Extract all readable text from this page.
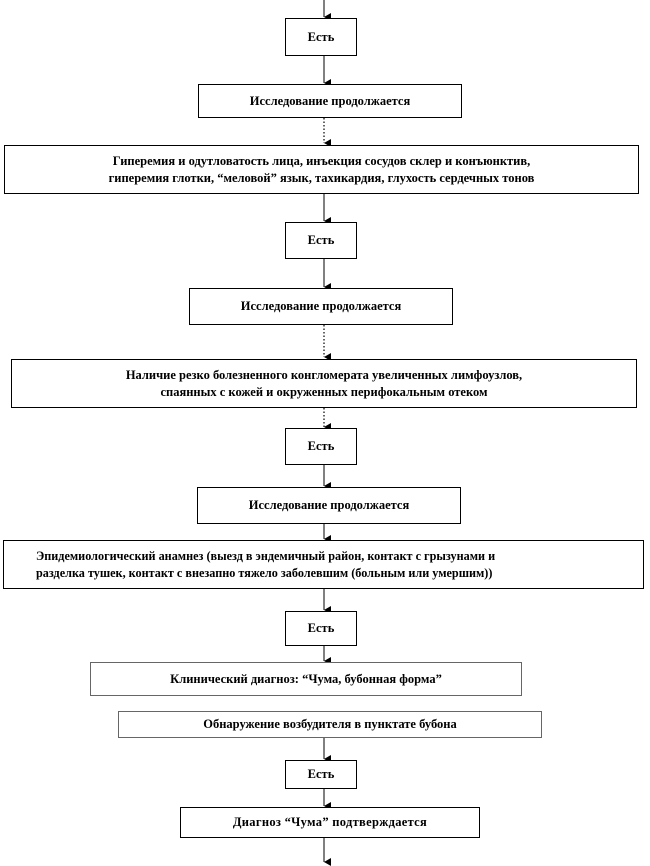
Есть
Исследование продолжается
Гиперемия и одутловатость лица, инъекция сосудов склер и конъюнктив,
гиперемия глотки, “меловой” язык, тахикардия, глухость сердечных тонов
Есть
Исследование продолжается
Наличие резко болезненного конгломерата увеличенных лимфоузлов,
спаянных с кожей и окруженных перифокальным отеком
Есть
Исследование продолжается
Эпидемиологический анамнез (выезд в эндемичный район, контакт с грызунами и
разделка тушек, контакт с внезапно тяжело заболевшим (больным или умершим))
Есть
Клинический диагноз: “Чума, бубонная форма”
Обнаружение возбудителя в пунктате бубона
Есть
Диагноз “Чума” подтверждается
